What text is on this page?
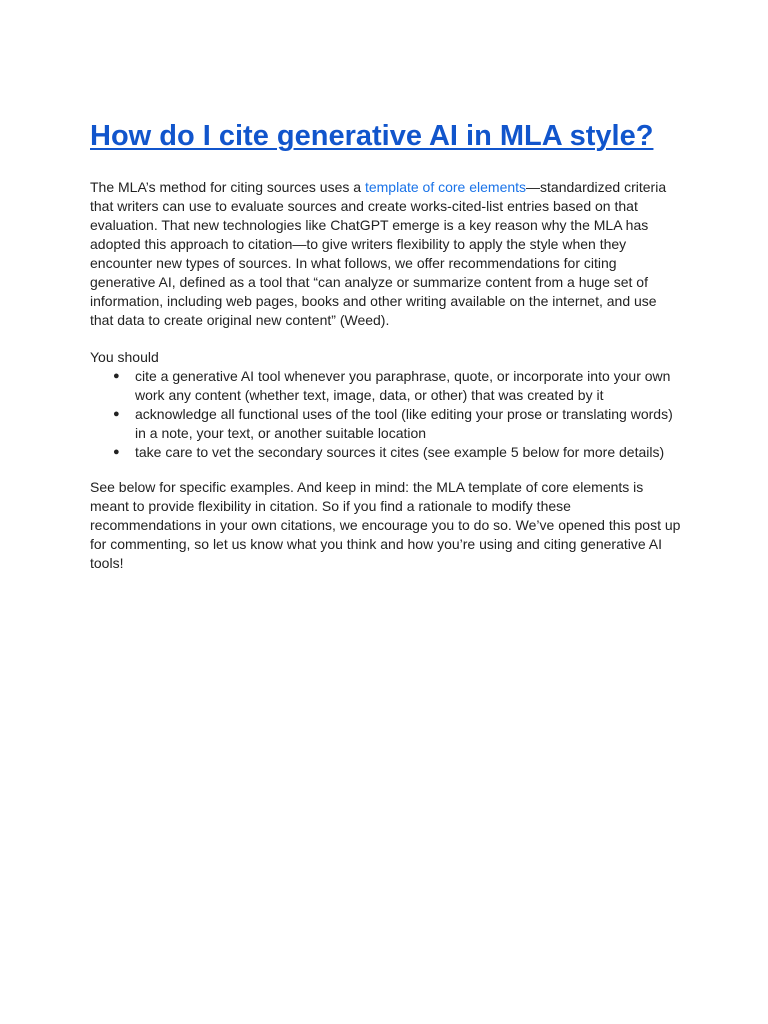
How do I cite generative AI in MLA style?

The MLA’s method for citing sources uses a template of core elements—standardized criteria that writers can use to evaluate sources and create works-cited-list entries based on that evaluation. That new technologies like ChatGPT emerge is a key reason why the MLA has adopted this approach to citation—to give writers flexibility to apply the style when they encounter new types of sources. In what follows, we offer recommendations for citing generative AI, defined as a tool that “can analyze or summarize content from a huge set of information, including web pages, books and other writing available on the internet, and use that data to create original new content” (Weed).

You should

● cite a generative AI tool whenever you paraphrase, quote, or incorporate into your own work any content (whether text, image, data, or other) that was created by it
● acknowledge all functional uses of the tool (like editing your prose or translating words) in a note, your text, or another suitable location
● take care to vet the secondary sources it cites (see example 5 below for more details)

See below for specific examples. And keep in mind: the MLA template of core elements is meant to provide flexibility in citation. So if you find a rationale to modify these recommendations in your own citations, we encourage you to do so. We’ve opened this post up for commenting, so let us know what you think and how you’re using and citing generative AI tools!
